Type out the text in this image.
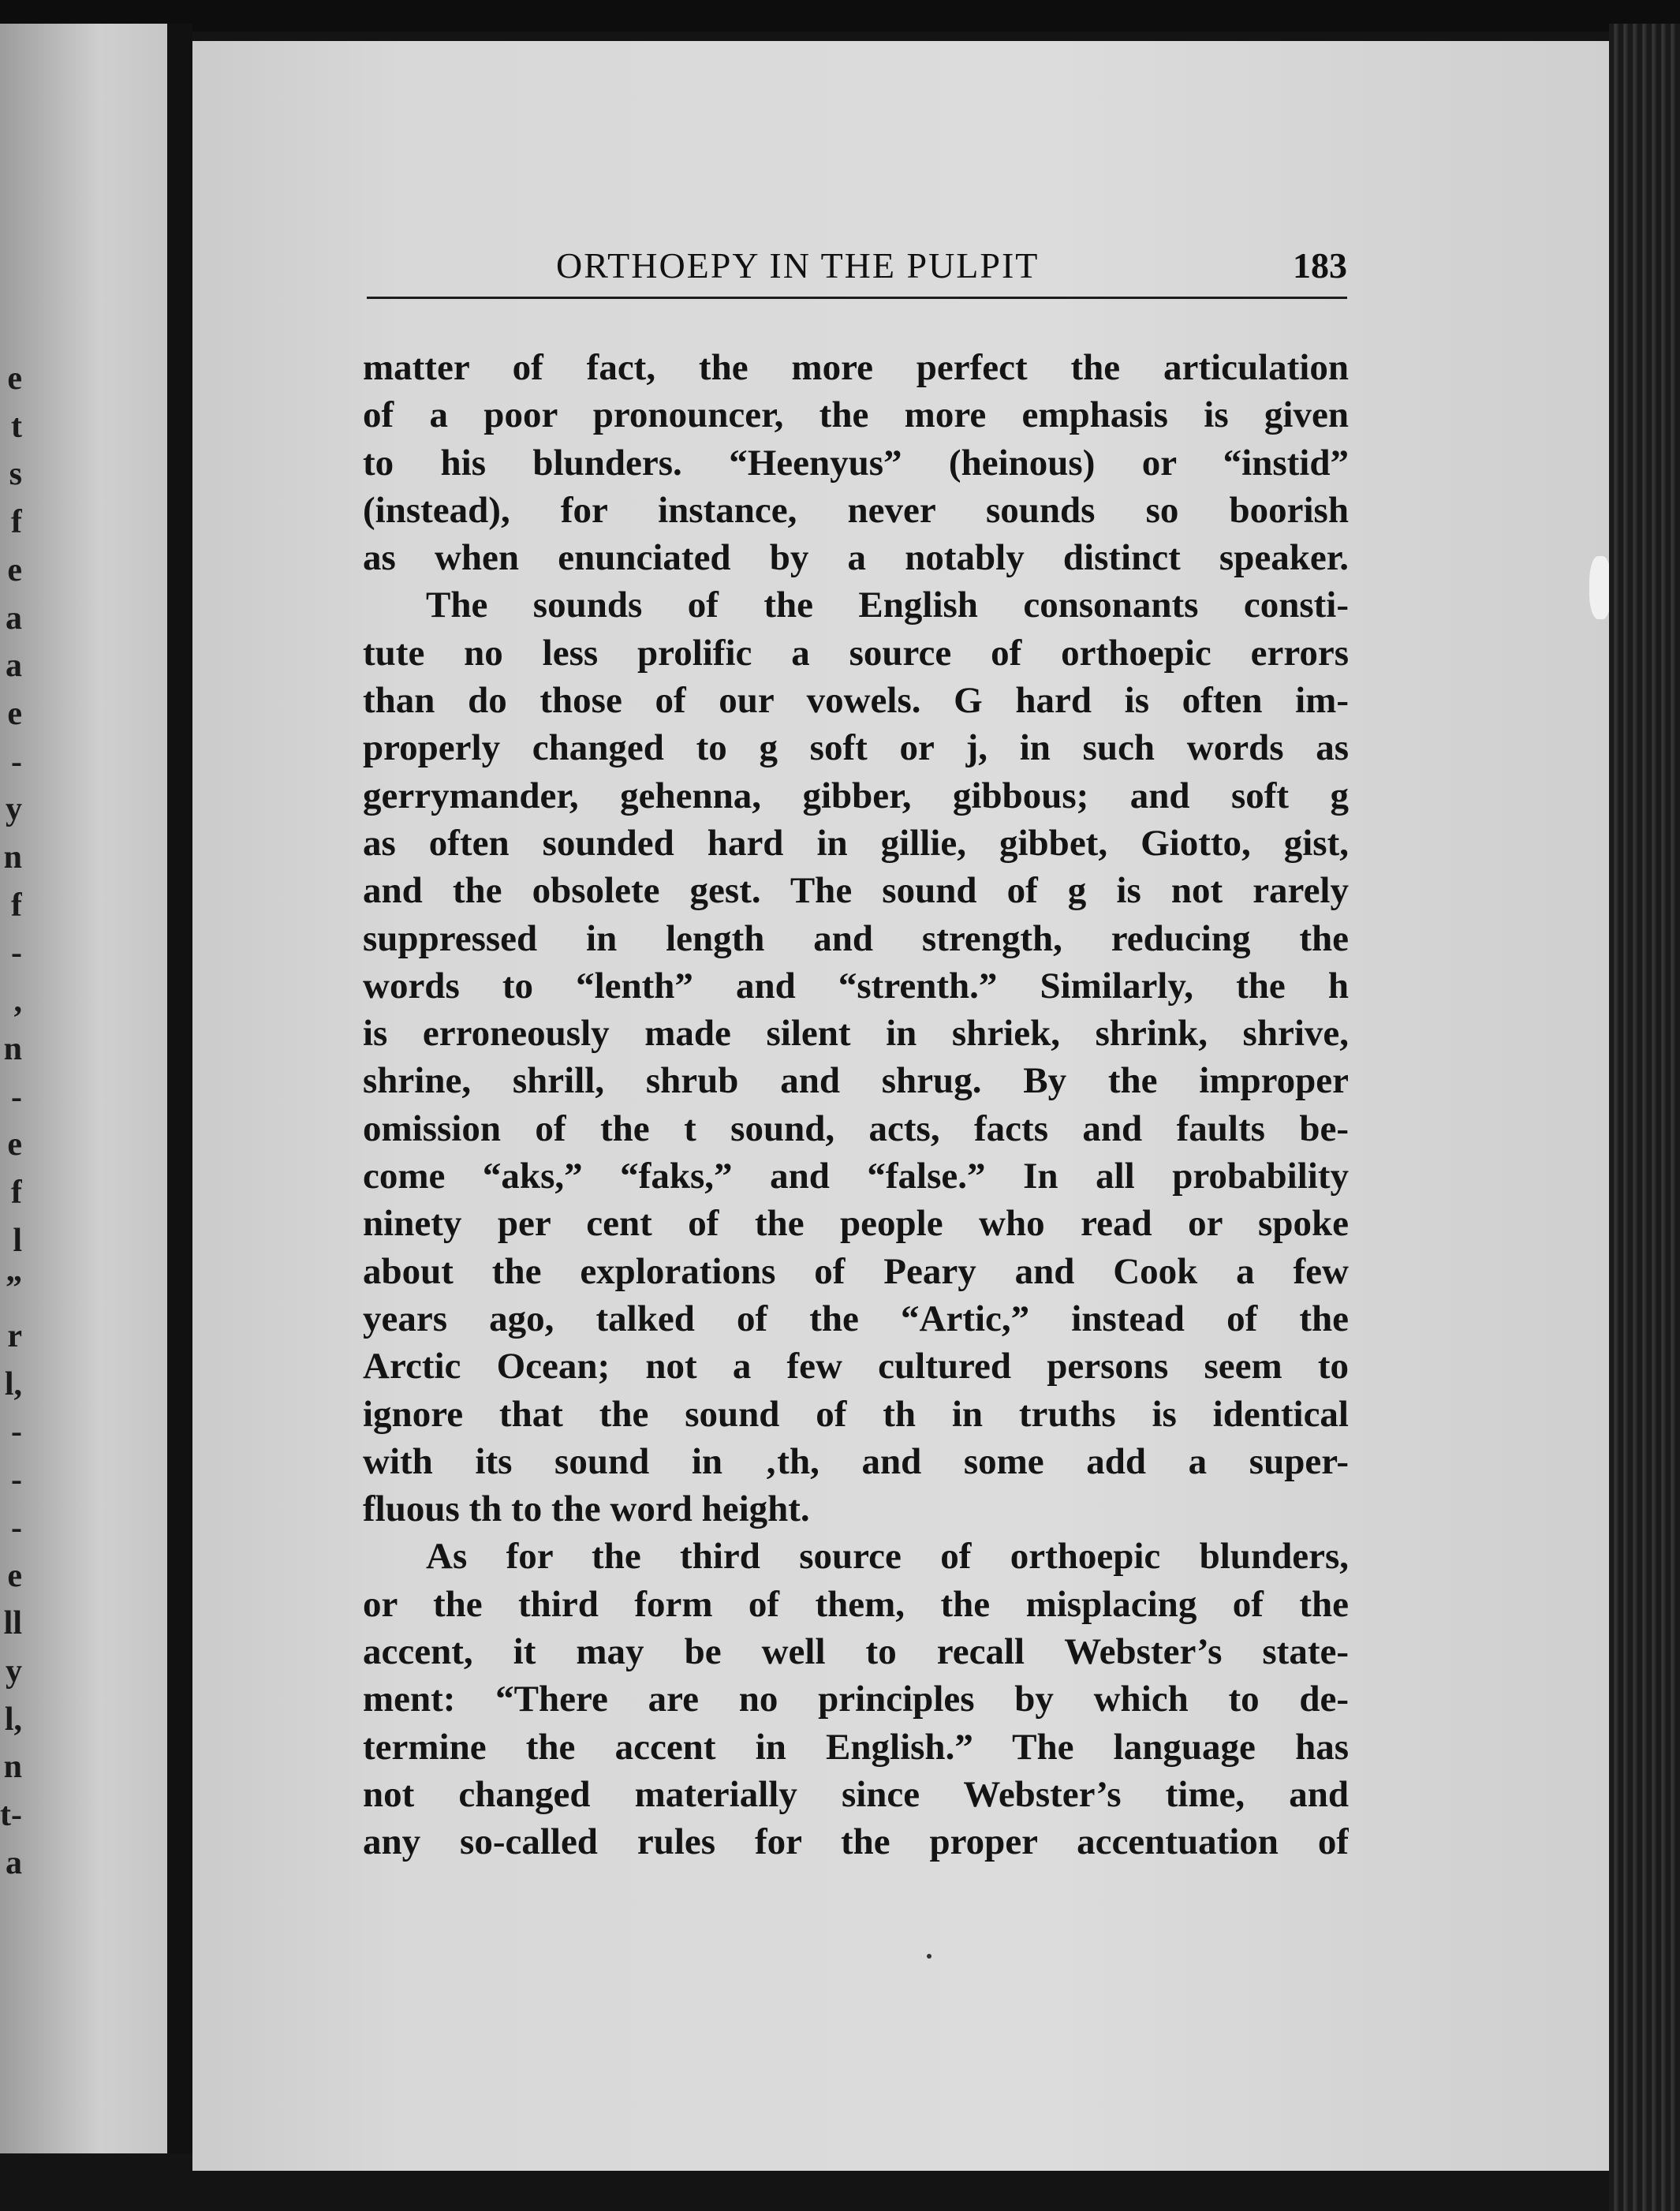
e
t
s
f
e
a
a
e
-
y
n
f
-
,
n
-
e
f
l
”
r
l,
-
-
-
e
ll
y
l,
n
t-
a
ORTHOEPY IN THE PULPIT	183
matter of fact, the more perfect the articulation
of a poor pronouncer, the more emphasis is given
to his blunders. “Heenyus” (heinous) or “instid”
(instead), for instance, never sounds so boorish
as when enunciated by a notably distinct speaker.
The sounds of the English consonants consti-
tute no less prolific a source of orthoepic errors
than do those of our vowels. G hard is often im-
properly changed to g soft or j, in such words as
gerrymander, gehenna, gibber, gibbous; and soft g
as often sounded hard in gillie, gibbet, Giotto, gist,
and the obsolete gest. The sound of g is not rarely
suppressed in length and strength, reducing the
words to “lenth” and “strenth.” Similarly, the h
is erroneously made silent in shriek, shrink, shrive,
shrine, shrill, shrub and shrug. By the improper
omission of the t sound, acts, facts and faults be-
come “aks,” “faks,” and “false.” In all probability
ninety per cent of the people who read or spoke
about the explorations of Peary and Cook a few
years ago, talked of the “Artic,” instead of the
Arctic Ocean; not a few cultured persons seem to
ignore that the sound of th in truths is identical
with its sound in ‚th, and some add a super-
fluous th to the word height.
As for the third source of orthoepic blunders,
or the third form of them, the misplacing of the
accent, it may be well to recall Webster’s state-
ment: “There are no principles by which to de-
termine the accent in English.” The language has
not changed materially since Webster’s time, and
any so-called rules for the proper accentuation of
